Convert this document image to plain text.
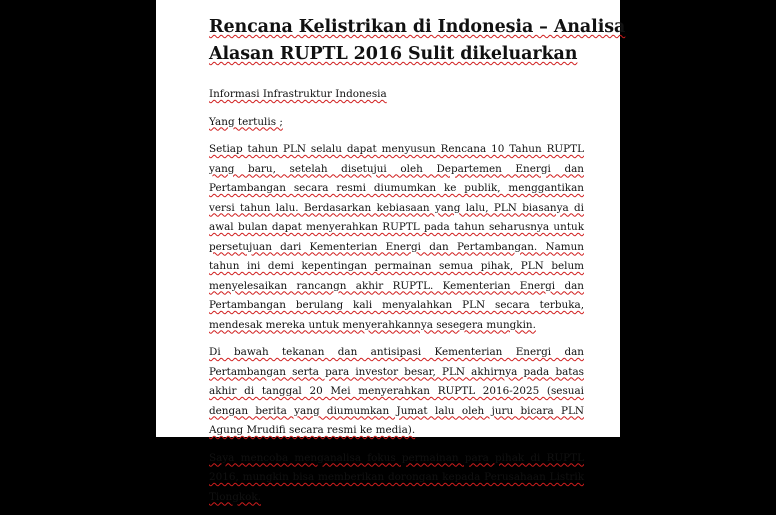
Rencana Kelistrikan di Indonesia – Analisa
Alasan RUPTL 2016 Sulit dikeluarkan

Informasi Infrastruktur Indonesia

Yang tertulis ;

Setiap tahun PLN selalu dapat menyusun Rencana 10 Tahun RUPTL yang baru, setelah disetujui oleh Departemen Energi dan Pertambangan secara resmi diumumkan ke publik, menggantikan versi tahun lalu. Berdasarkan kebiasaan yang lalu, PLN biasanya di awal bulan dapat menyerahkan RUPTL pada tahun seharusnya untuk persetujuan dari Kementerian Energi dan Pertambangan. Namun tahun ini demi kepentingan permainan semua pihak, PLN belum menyelesaikan rancangn akhir RUPTL. Kementerian Energi dan Pertambangan berulang kali menyalahkan PLN secara terbuka, mendesak mereka untuk menyerahkannya sesegera mungkin.

Di bawah tekanan dan antisipasi Kementerian Energi dan Pertambangan serta para investor besar, PLN akhirnya pada batas akhir di tanggal 20 Mei menyerahkan RUPTL 2016-2025 (sesuai dengan berita yang diumumkan Jumat lalu oleh juru bicara PLN Agung Mrudifi secara resmi ke media).

Saya mencoba menganalisa fokus permainan para pihak di RUPTL 2016, mungkin bisa memberikan dorongan kepada Perusahaan Listrik Tiongkok.
